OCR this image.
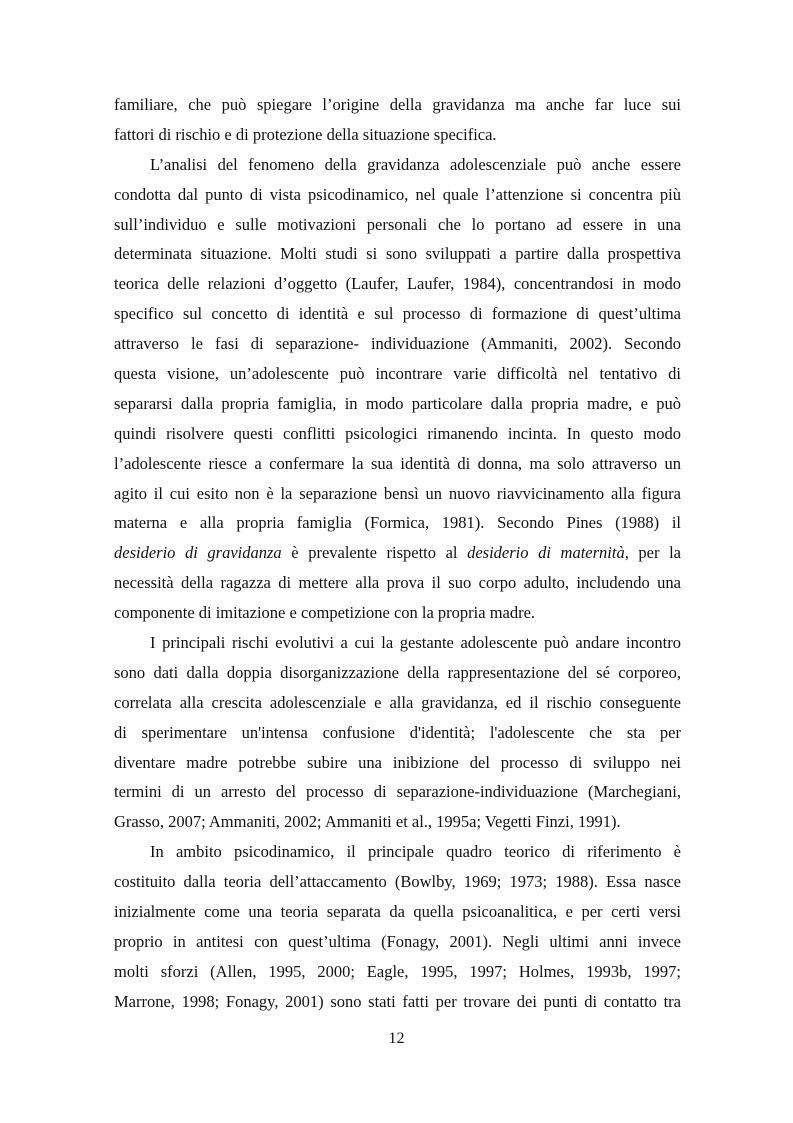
familiare, che può spiegare l’origine della gravidanza ma anche far luce sui
fattori di rischio e di protezione della situazione specifica.
L’analisi del fenomeno della gravidanza adolescenziale può anche essere
condotta dal punto di vista psicodinamico, nel quale l’attenzione si concentra più
sull’individuo e sulle motivazioni personali che lo portano ad essere in una
determinata situazione. Molti studi si sono sviluppati a partire dalla prospettiva
teorica delle relazioni d’oggetto (Laufer, Laufer, 1984), concentrandosi in modo
specifico sul concetto di identità e sul processo di formazione di quest’ultima
attraverso le fasi di separazione- individuazione (Ammaniti, 2002). Secondo
questa visione, un’adolescente può incontrare varie difficoltà nel tentativo di
separarsi dalla propria famiglia, in modo particolare dalla propria madre, e può
quindi risolvere questi conflitti psicologici rimanendo incinta. In questo modo
l’adolescente riesce a confermare la sua identità di donna, ma solo attraverso un
agito il cui esito non è la separazione bensì un nuovo riavvicinamento alla figura
materna e alla propria famiglia (Formica, 1981). Secondo Pines (1988) il
desiderio di gravidanza è prevalente rispetto al desiderio di maternità, per la
necessità della ragazza di mettere alla prova il suo corpo adulto, includendo una
componente di imitazione e competizione con la propria madre.
I principali rischi evolutivi a cui la gestante adolescente può andare incontro
sono dati dalla doppia disorganizzazione della rappresentazione del sé corporeo,
correlata alla crescita adolescenziale e alla gravidanza, ed il rischio conseguente
di sperimentare un'intensa confusione d'identità; l'adolescente che sta per
diventare madre potrebbe subire una inibizione del processo di sviluppo nei
termini di un arresto del processo di separazione-individuazione (Marchegiani,
Grasso, 2007; Ammaniti, 2002; Ammaniti et al., 1995a; Vegetti Finzi, 1991).
In ambito psicodinamico, il principale quadro teorico di riferimento è
costituito dalla teoria dell’attaccamento (Bowlby, 1969; 1973; 1988). Essa nasce
inizialmente come una teoria separata da quella psicoanalitica, e per certi versi
proprio in antitesi con quest’ultima (Fonagy, 2001). Negli ultimi anni invece
molti sforzi (Allen, 1995, 2000; Eagle, 1995, 1997; Holmes, 1993b, 1997;
Marrone, 1998; Fonagy, 2001) sono stati fatti per trovare dei punti di contatto tra
12
